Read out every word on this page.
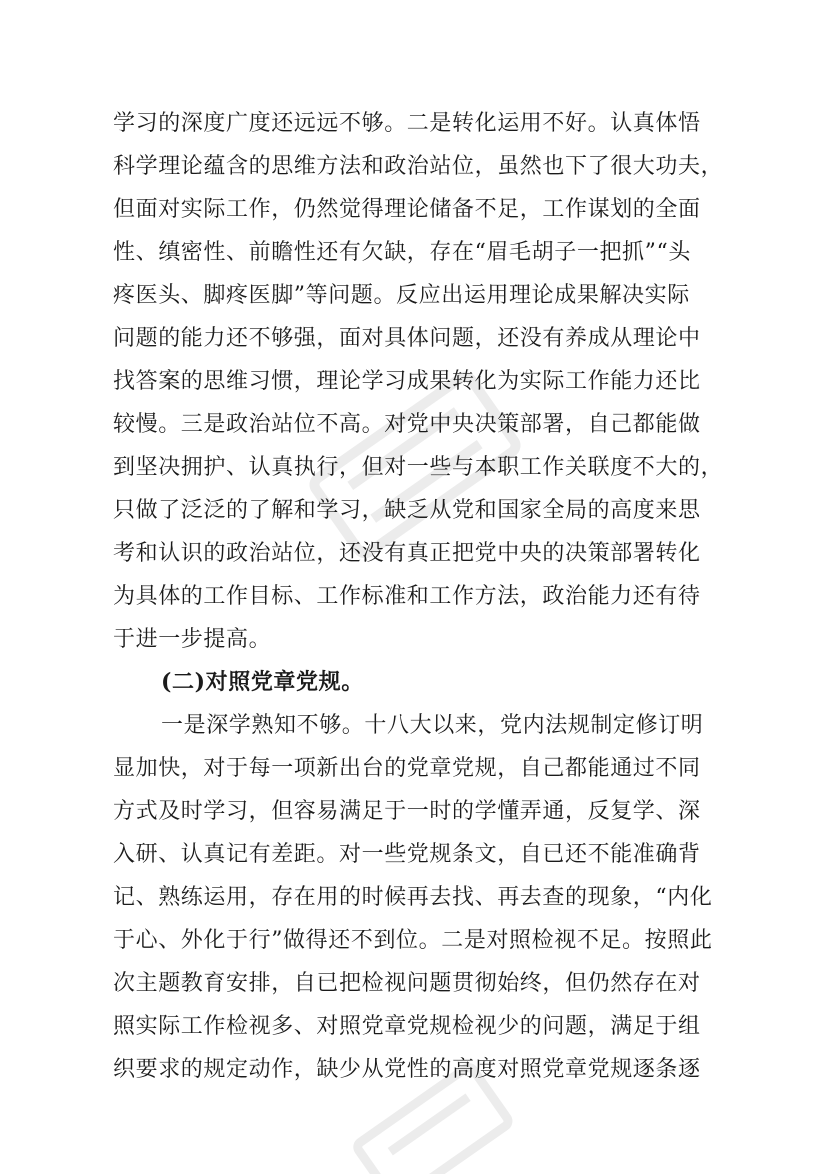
学习的深度广度还远远不够。二是转化运用不好。认真体悟
科学理论蕴含的思维方法和政治站位，虽然也下了很大功夫，
但面对实际工作，仍然觉得理论储备不足，工作谋划的全面
性、缜密性、前瞻性还有欠缺，存在“眉毛胡子一把抓”“头
疼医头、脚疼医脚”等问题。反应出运用理论成果解决实际
问题的能力还不够强，面对具体问题，还没有养成从理论中
找答案的思维习惯，理论学习成果转化为实际工作能力还比
较慢。三是政治站位不高。对党中央决策部署，自己都能做
到坚决拥护、认真执行，但对一些与本职工作关联度不大的，
只做了泛泛的了解和学习，缺乏从党和国家全局的高度来思
考和认识的政治站位，还没有真正把党中央的决策部署转化
为具体的工作目标、工作标准和工作方法，政治能力还有待
于进一步提高。
(二)对照党章党规。
一是深学熟知不够。十八大以来，党内法规制定修订明
显加快，对于每一项新出台的党章党规，自己都能通过不同
方式及时学习，但容易满足于一时的学懂弄通，反复学、深
入研、认真记有差距。对一些党规条文，自已还不能准确背
记、熟练运用，存在用的时候再去找、再去查的现象，“内化
于心、外化于行”做得还不到位。二是对照检视不足。按照此
次主题教育安排，自已把检视问题贯彻始终，但仍然存在对
照实际工作检视多、对照党章党规检视少的问题，满足于组
织要求的规定动作，缺少从党性的高度对照党章党规逐条逐
